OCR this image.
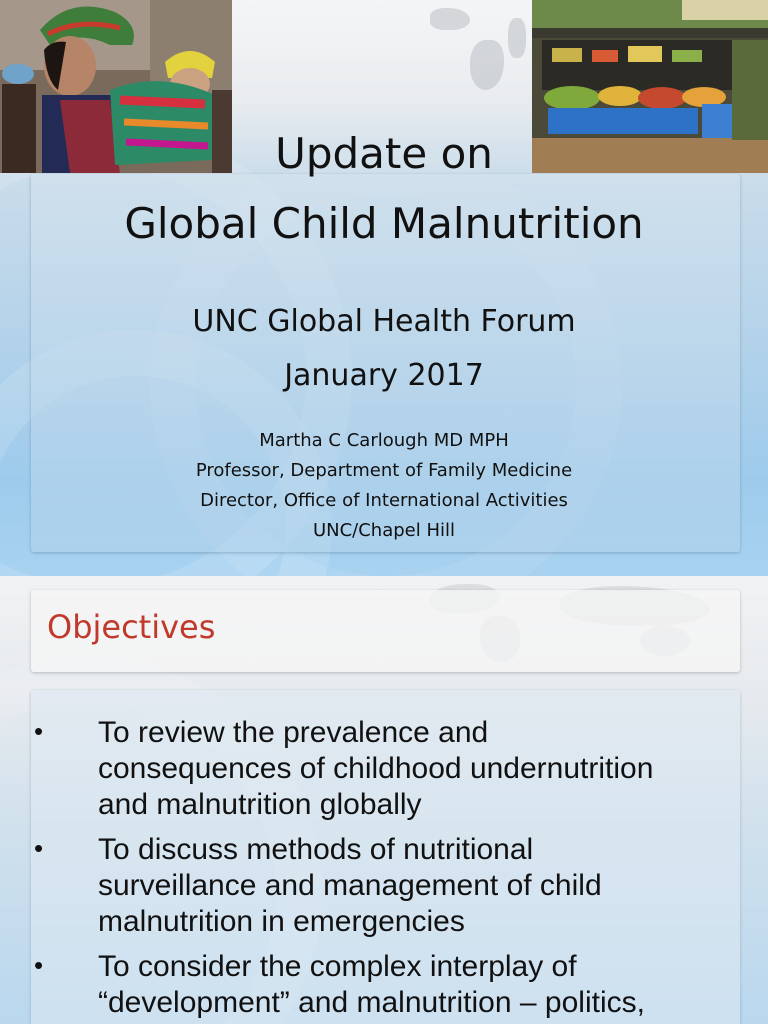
Update on
Global Child Malnutrition
UNC Global Health Forum
January 2017
Martha C Carlough MD MPH
Professor, Department of Family Medicine
Director, Office of International Activities
UNC/Chapel Hill
Objectives
• To review the prevalence and
consequences of childhood undernutrition
and malnutrition globally
• To discuss methods of nutritional
surveillance and management of child
malnutrition in emergencies
• To consider the complex interplay of
“development” and malnutrition – politics,
